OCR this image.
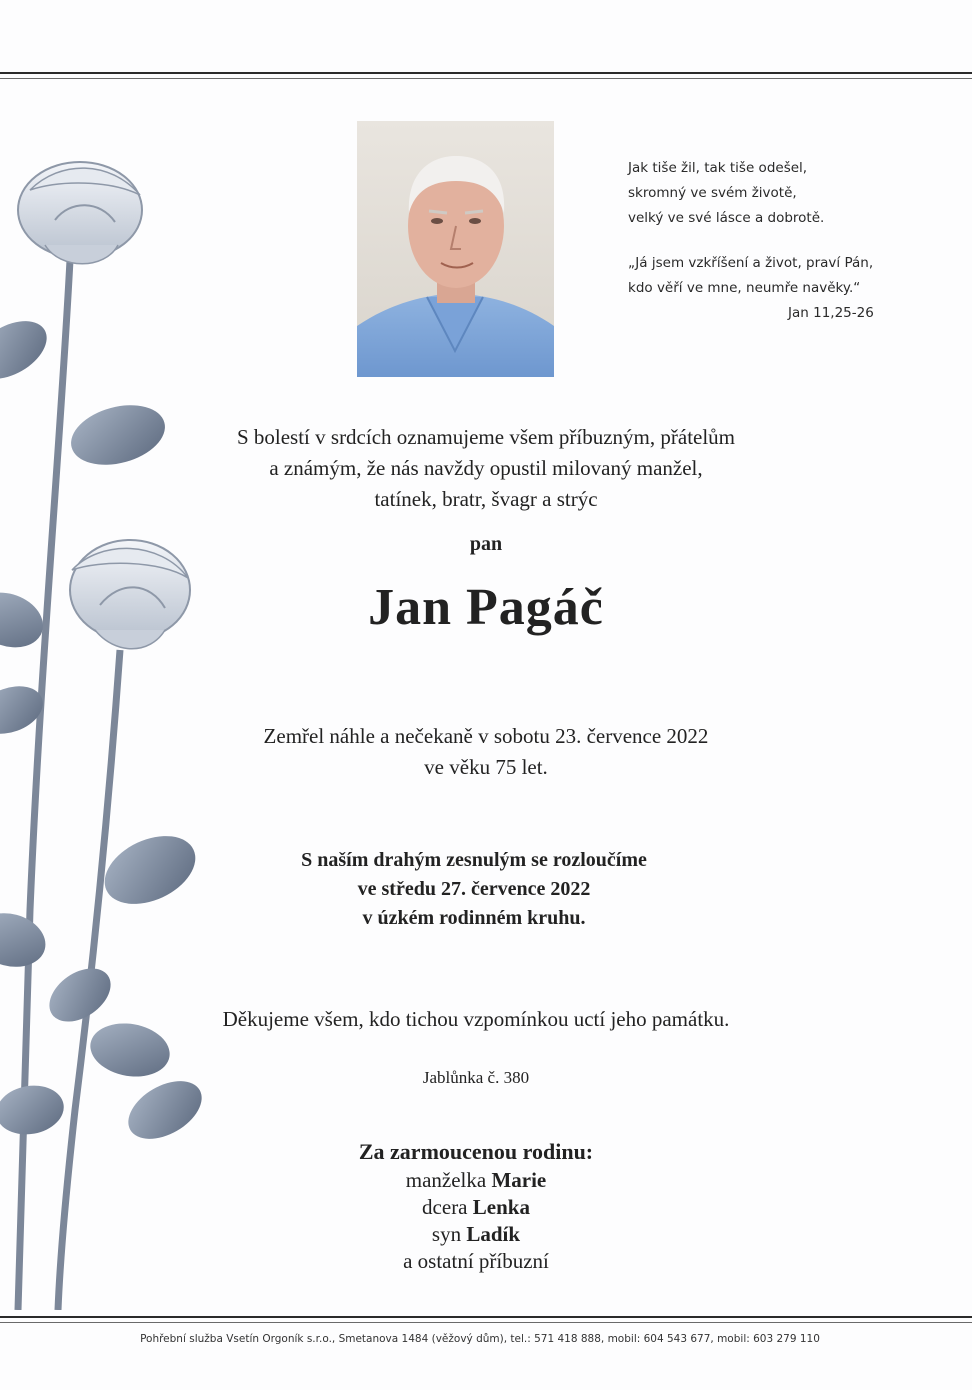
Jak tiše žil, tak tiše odešel,
skromný ve svém životě,
velký ve své lásce a dobrotě.
„Já jsem vzkříšení a život, praví Pán,
kdo věří ve mne, neumře navěky.“
Jan 11,25-26
S bolestí v srdcích oznamujeme všem příbuzným, přátelům
a známým, že nás navždy opustil milovaný manžel,
tatínek, bratr, švagr a strýc
pan
Jan Pagáč
Zemřel náhle a nečekaně v sobotu 23. července 2022
ve věku 75 let.
S naším drahým zesnulým se rozloučíme
ve středu 27. července 2022
v úzkém rodinném kruhu.
Děkujeme všem, kdo tichou vzpomínkou uctí jeho památku.
Jablůnka č. 380
Za zarmoucenou rodinu:
manželka Marie
dcera Lenka
syn Ladík
a ostatní příbuzní
Pohřební služba Vsetín Orgoník s.r.o., Smetanova 1484 (věžový dům), tel.: 571 418 888, mobil: 604 543 677, mobil: 603 279 110
